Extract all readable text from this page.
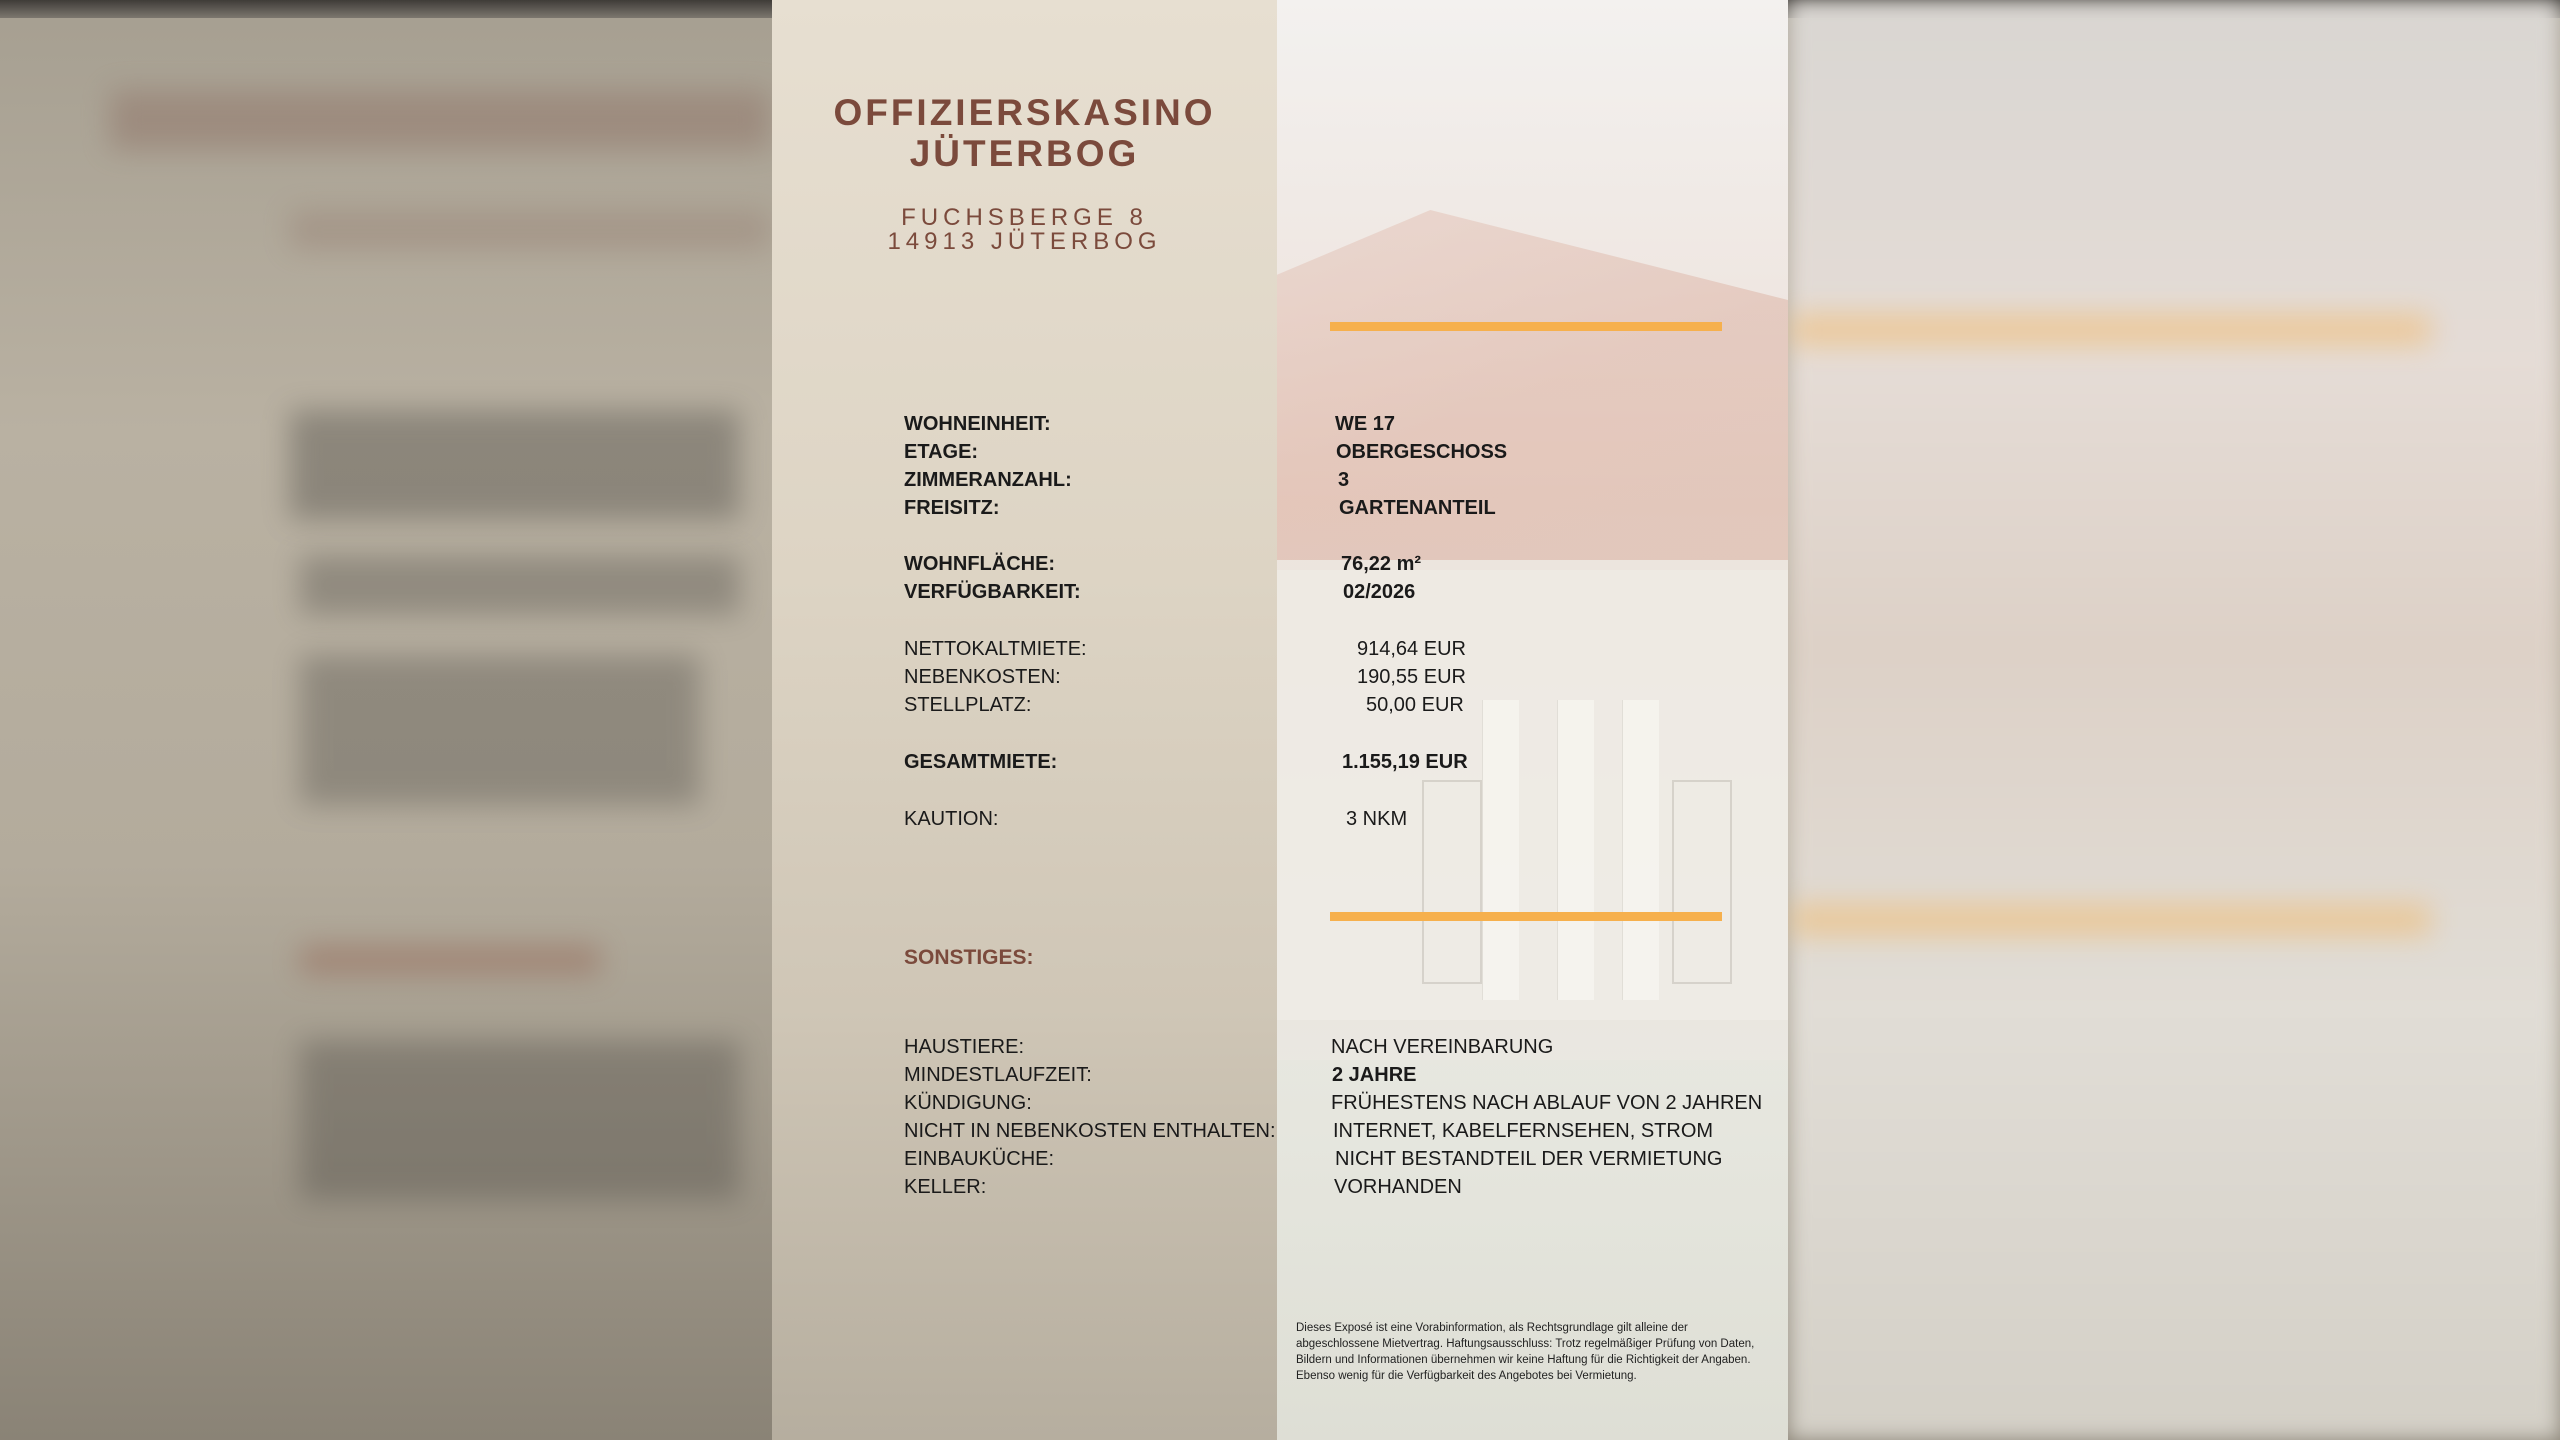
OFFIZIERSKASINO
JÜTERBOG
FUCHSBERGE 8
14913 JÜTERBOG
WOHNEINHEIT:	WE 17
ETAGE:	OBERGESCHOSS
ZIMMERANZAHL:	3
FREISITZ:	GARTENANTEIL
WOHNFLÄCHE:	76,22 m²
VERFÜGBARKEIT:	02/2026
NETTOKALTMIETE:	914,64 EUR
NEBENKOSTEN:	190,55 EUR
STELLPLATZ:	50,00 EUR
GESAMTMIETE:	1.155,19 EUR
KAUTION:	3 NKM
SONSTIGES:
HAUSTIERE:	NACH VEREINBARUNG
MINDESTLAUFZEIT:	2 JAHRE
KÜNDIGUNG:	FRÜHESTENS NACH ABLAUF VON 2 JAHREN
NICHT IN NEBENKOSTEN ENTHALTEN:	INTERNET, KABELFERNSEHEN, STROM
EINBAUKÜCHE:	NICHT BESTANDTEIL DER VERMIETUNG
KELLER:	VORHANDEN
Dieses Exposé ist eine Vorabinformation, als Rechtsgrundlage gilt alleine der abgeschlossene Mietvertrag. Haftungsausschluss: Trotz regelmäßiger Prüfung von Daten, Bildern und Informationen übernehmen wir keine Haftung für die Richtigkeit der Angaben. Ebenso wenig für die Verfügbarkeit des Angebotes bei Vermietung.
